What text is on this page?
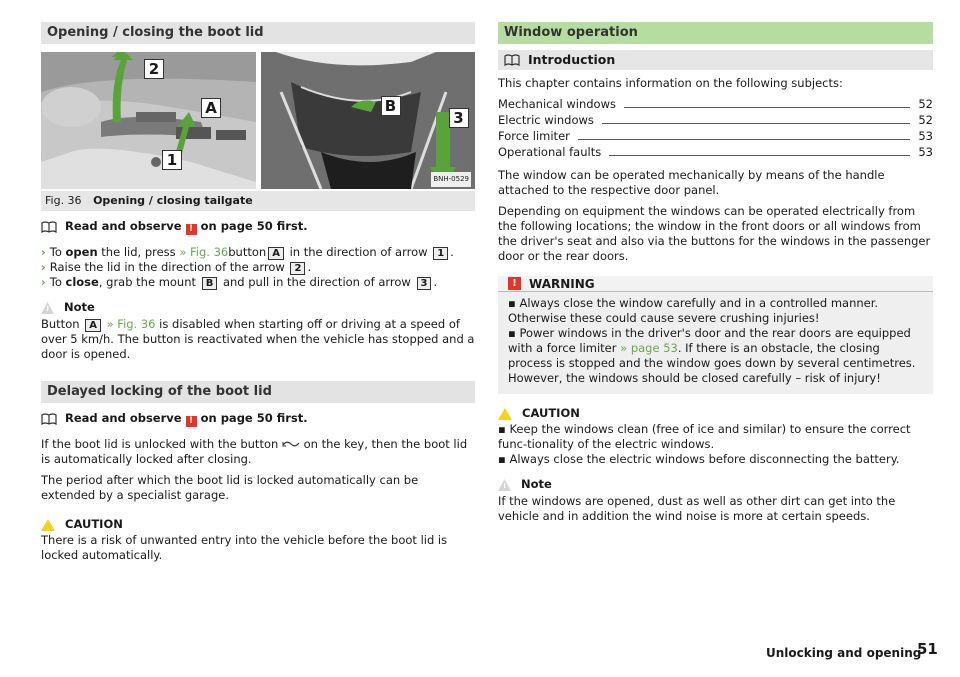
Opening / closing the boot lid
2
A
1
B
3
BNH-0529
Fig. 36 Opening / closing tailgate
Read and observe ! on page 50 first.
› To open the lid, press » Fig. 36button A in the direction of arrow 1 .
› Raise the lid in the direction of the arrow 2 .
› To close, grab the mount B and pull in the direction of arrow 3 .
Note

Button A » Fig. 36 is disabled when starting off or driving at a speed of over 5 km/h. The button is reactivated when the vehicle has stopped and a door is opened.

Delayed locking of the boot lid
Read and observe ! on page 50 first.

If the boot lid is unlocked with the button on the key, then the boot lid is automatically locked after closing.

The period after which the boot lid is locked automatically can be extended by a specialist garage.

CAUTION

There is a risk of unwanted entry into the vehicle before the boot lid is locked automatically.

Window operation
Introduction

This chapter contains information on the following subjects:

Mechanical windows	52
Electric windows	52
Force limiter	53
Operational faults	53

The window can be operated mechanically by means of the handle attached to the respective door panel.

Depending on equipment the windows can be operated electrically from the following locations; the window in the front doors or all windows from the driver's seat and also via the buttons for the windows in the passenger door or the rear doors.

!	WARNING
▪ Always close the window carefully and in a controlled manner. Otherwise these could cause severe crushing injuries!
▪ Power windows in the driver's door and the rear doors are equipped with a force limiter » page 53. If there is an obstacle, the closing process is stopped and the window goes down by several centimetres. However, the windows should be closed carefully – risk of injury!
CAUTION
▪ Keep the windows clean (free of ice and similar) to ensure the correct func-tionality of the electric windows.
▪ Always close the electric windows before disconnecting the battery.
Note

If the windows are opened, dust as well as other dirt can get into the vehicle and in addition the wind noise is more at certain speeds.

Unlocking and opening
51
